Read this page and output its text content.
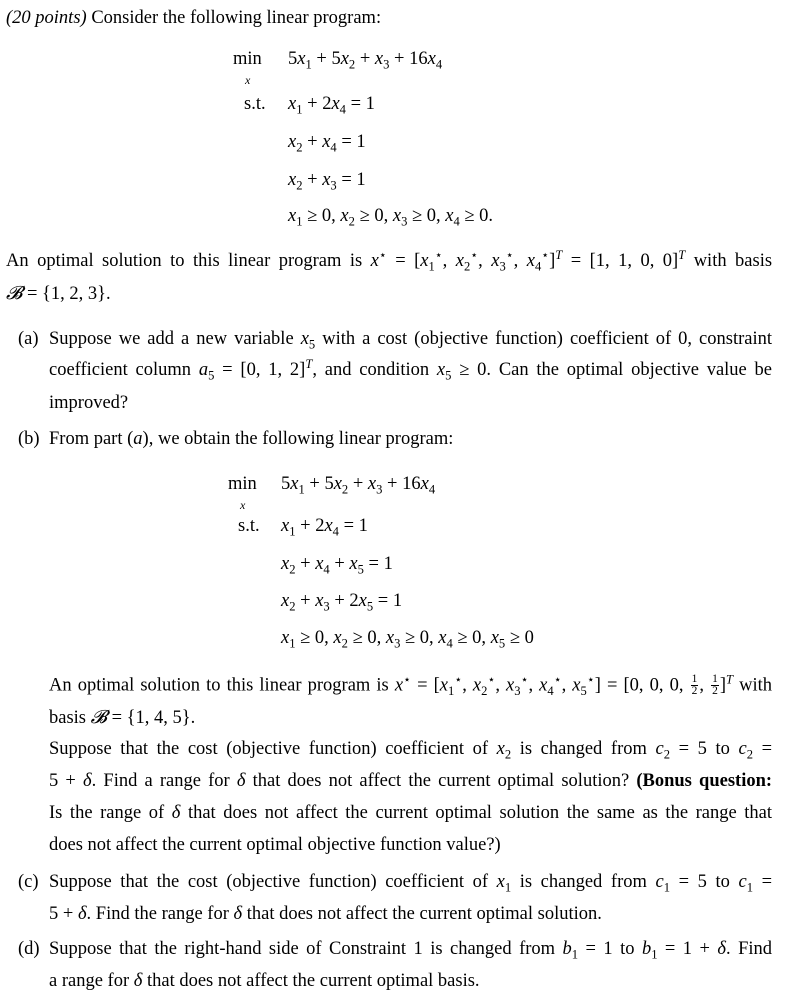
(20 points) Consider the following linear program:
min
x
$5x_1 + 5x_2 + x_3 + 16x_4$
s.t. $x_1 + 2x_4 = 1$
$x_2 + x_4 = 1$
$x_2 + x_3 = 1$
$x_1 \ge 0$, $x_2 \ge 0$, $x_3 \ge 0$, $x_4 \ge 0$.
An optimal solution to this linear program is $x^⋆ = [x_1^⋆$, $x_2^⋆$, $x_3^⋆$, $x_4^⋆]^T = [1$, 1, 0, 0]$^T$ with basis
𝓑 = {1, 2, 3}.
(a) Suppose we add a new variable $x_5$ with a cost (objective function) coefficient of 0, constraint
coefficient column $a_5 = [0$, 1, 2]$^T$, and condition $x_5 \ge 0$. Can the optimal objective value be
improved?
(b) From part (a), we obtain the following linear program:
min
x
$5x_1 + 5x_2 + x_3 + 16x_4$
s.t. $x_1 + 2x_4 = 1$
$x_2 + x_4 + x_5 = 1$
$x_2 + x_3 + 2x_5 = 1$
$x_1 \ge 0$, $x_2 \ge 0$, $x_3 \ge 0$, $x_4 \ge 0$, $x_5 \ge 0$
An optimal solution to this linear program is $x^⋆ = [x_1^⋆$, $x_2^⋆$, $x_3^⋆$, $x_4^⋆$, $x_5^⋆] = [0$, 0, 0, $\frac{1}{2}$ , $\frac{1}{2} ]^T$ with
basis 𝓑 = {1, 4, 5}.
Suppose that the cost (objective function) coefficient of $x_2$ is changed from $c_2 = 5$ to $c_2$ =
5 + δ. Find a range for δ that does not affect the current optimal solution? (Bonus question:
Is the range of δ that does not affect the current optimal solution the same as the range that
does not affect the current optimal objective function value?)
(c) Suppose that the cost (objective function) coefficient of $x_1$ is changed from $c_1 = 5$ to $c_1$ =
5 + δ. Find the range for δ that does not affect the current optimal solution.
(d) Suppose that the right-hand side of Constraint 1 is changed from $b_1 = 1$ to $b_1 = 1 + \delta$. Find
a range for δ that does not affect the current optimal basis.
